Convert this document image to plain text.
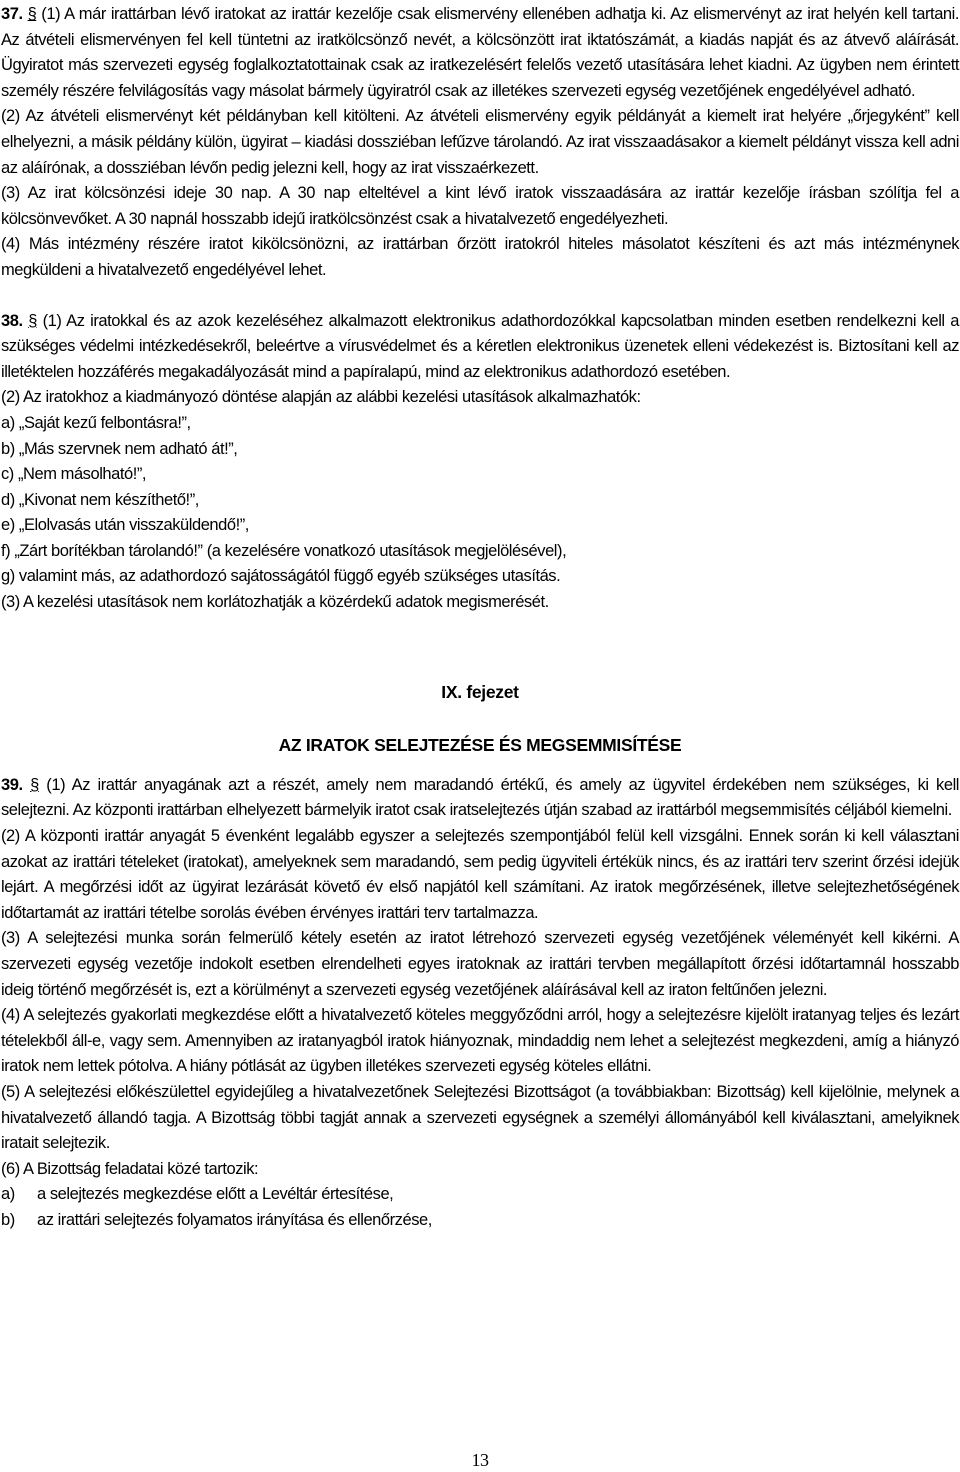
37. § (1) A már irattárban lévő iratokat az irattár kezelője csak elismervény ellenében adhatja ki. Az elismervényt az irat helyén kell tartani. Az átvételi elismervényen fel kell tüntetni az iratkölcsönző nevét, a kölcsönzött irat iktatószámát, a kiadás napját és az átvevő aláírását. Ügyiratot más szervezeti egység foglalkoztatottainak csak az iratkezelésért felelős vezető utasítására lehet kiadni. Az ügyben nem érintett személy részére felvilágosítás vagy másolat bármely ügyiratról csak az illetékes szervezeti egység vezetőjének engedélyével adható.

(2) Az átvételi elismervényt két példányban kell kitölteni. Az átvételi elismervény egyik példányát a kiemelt irat helyére „őrjegyként” kell elhelyezni, a másik példány külön, ügyirat – kiadási dossziéban lefűzve tárolandó. Az irat visszaadásakor a kiemelt példányt vissza kell adni az aláírónak, a dossziéban lévőn pedig jelezni kell, hogy az irat visszaérkezett.

(3) Az irat kölcsönzési ideje 30 nap. A 30 nap elteltével a kint lévő iratok visszaadására az irattár kezelője írásban szólítja fel a kölcsönvevőket. A 30 napnál hosszabb idejű iratkölcsönzést csak a hivatalvezető engedélyezheti.

(4) Más intézmény részére iratot kikölcsönözni, az irattárban őrzött iratokról hiteles másolatot készíteni és azt más intézménynek megküldeni a hivatalvezető engedélyével lehet.

38. § (1) Az iratokkal és az azok kezeléséhez alkalmazott elektronikus adathordozókkal kapcsolatban minden esetben rendelkezni kell a szükséges védelmi intézkedésekről, beleértve a vírusvédelmet és a kéretlen elektronikus üzenetek elleni védekezést is. Biztosítani kell az illetéktelen hozzáférés megakadályozását mind a papíralapú, mind az elektronikus adathordozó esetében.

(2) Az iratokhoz a kiadmányozó döntése alapján az alábbi kezelési utasítások alkalmazhatók:

a) „Saját kezű felbontásra!”,

b) „Más szervnek nem adható át!”,

c) „Nem másolható!”,

d) „Kivonat nem készíthető!”,

e) „Elolvasás után visszaküldendő!”,

f) „Zárt borítékban tárolandó!” (a kezelésére vonatkozó utasítások megjelölésével),

g) valamint más, az adathordozó sajátosságától függő egyéb szükséges utasítás.

(3) A kezelési utasítások nem korlátozhatják a közérdekű adatok megismerését.

IX. fejezet

AZ IRATOK SELEJTEZÉSE ÉS MEGSEMMISÍTÉSE

39. § (1) Az irattár anyagának azt a részét, amely nem maradandó értékű, és amely az ügyvitel érdekében nem szükséges, ki kell selejtezni. Az központi irattárban elhelyezett bármelyik iratot csak iratselejtezés útján szabad az irattárból megsemmisítés céljából kiemelni.

(2) A központi irattár anyagát 5 évenként legalább egyszer a selejtezés szempontjából felül kell vizsgálni. Ennek során ki kell választani azokat az irattári tételeket (iratokat), amelyeknek sem maradandó, sem pedig ügyviteli értékük nincs, és az irattári terv szerint őrzési idejük lejárt. A megőrzési időt az ügyirat lezárását követő év első napjától kell számítani. Az iratok megőrzésének, illetve selejtezhetőségének időtartamát az irattári tételbe sorolás évében érvényes irattári terv tartalmazza.

(3) A selejtezési munka során felmerülő kétely esetén az iratot létrehozó szervezeti egység vezetőjének véleményét kell kikérni. A szervezeti egység vezetője indokolt esetben elrendelheti egyes iratoknak az irattári tervben megállapított őrzési időtartamnál hosszabb ideig történő megőrzését is, ezt a körülményt a szervezeti egység vezetőjének aláírásával kell az iraton feltűnően jelezni.

(4) A selejtezés gyakorlati megkezdése előtt a hivatalvezető köteles meggyőződni arról, hogy a selejtezésre kijelölt iratanyag teljes és lezárt tételekből áll-e, vagy sem. Amennyiben az iratanyagból iratok hiányoznak, mindaddig nem lehet a selejtezést megkezdeni, amíg a hiányzó iratok nem lettek pótolva. A hiány pótlását az ügyben illetékes szervezeti egység köteles ellátni.

(5) A selejtezési előkészülettel egyidejűleg a hivatalvezetőnek Selejtezési Bizottságot (a továbbiakban: Bizottság) kell kijelölnie, melynek a hivatalvezető állandó tagja. A Bizottság többi tagját annak a szervezeti egységnek a személyi állományából kell kiválasztani, amelyiknek iratait selejtezik.

(6) A Bizottság feladatai közé tartozik:

a) a selejtezés megkezdése előtt a Levéltár értesítése,

b) az irattári selejtezés folyamatos irányítása és ellenőrzése,

13
